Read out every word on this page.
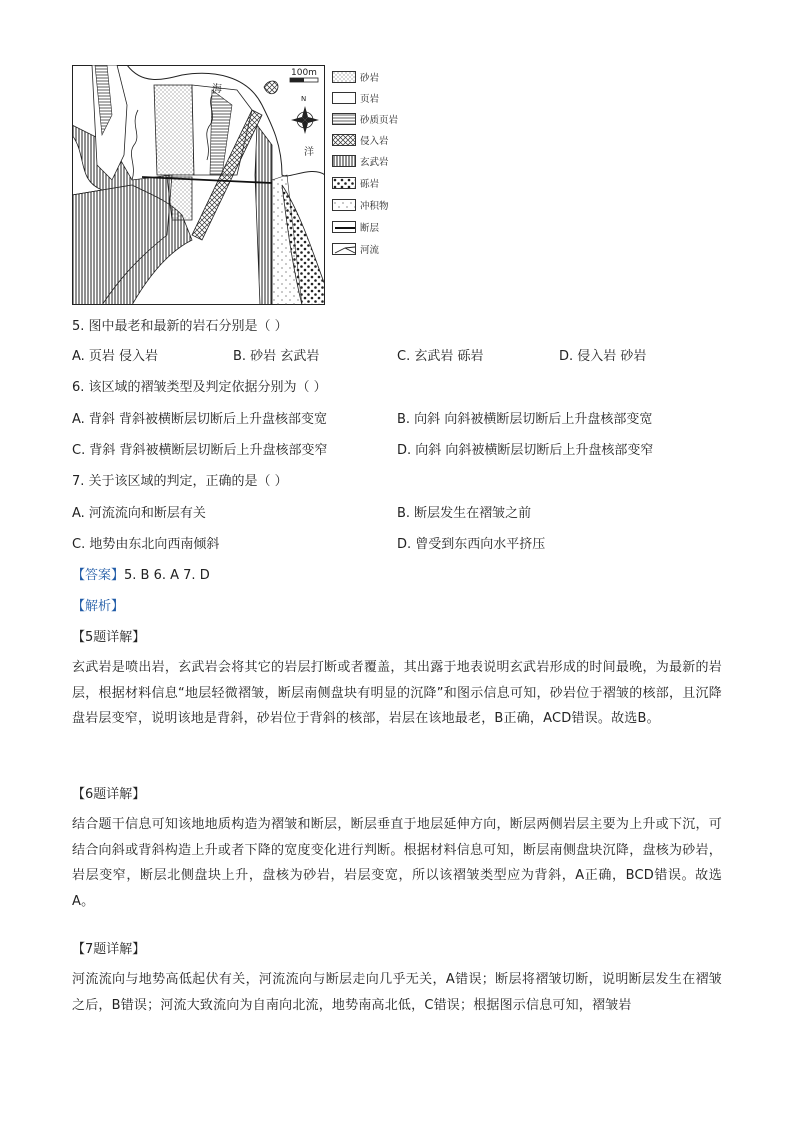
海
洋
N
100m	砂岩
页岩
砂质页岩
侵入岩
玄武岩
砾岩
冲积物
断层
河流
5. 图中最老和最新的岩石分别是（ ）
A. 页岩 侵入岩	B. 砂岩 玄武岩	C. 玄武岩 砾岩	D. 侵入岩 砂岩
6. 该区域的褶皱类型及判定依据分别为（ ）
A. 背斜 背斜被横断层切断后上升盘核部变宽	B. 向斜 向斜被横断层切断后上升盘核部变宽
C. 背斜 背斜被横断层切断后上升盘核部变窄	D. 向斜 向斜被横断层切断后上升盘核部变窄
7. 关于该区域的判定，正确的是（ ）
A. 河流流向和断层有关	B. 断层发生在褶皱之前
C. 地势由东北向西南倾斜	D. 曾受到东西向水平挤压
【答案】5. B 6. A 7. D
【解析】
【5题详解】
玄武岩是喷出岩，玄武岩会将其它的岩层打断或者覆盖，其出露于地表说明玄武岩形成的时间最晚，为最新的岩层，根据材料信息“地层轻微褶皱，断层南侧盘块有明显的沉降”和图示信息可知，砂岩位于褶皱的核部，且沉降盘岩层变窄，说明该地是背斜，砂岩位于背斜的核部，岩层在该地最老，B正确，ACD错误。故选B。
【6题详解】
结合题干信息可知该地地质构造为褶皱和断层，断层垂直于地层延伸方向，断层两侧岩层主要为上升或下沉，可结合向斜或背斜构造上升或者下降的宽度变化进行判断。根据材料信息可知，断层南侧盘块沉降，盘核为砂岩，岩层变窄，断层北侧盘块上升，盘核为砂岩，岩层变宽，所以该褶皱类型应为背斜，A正确，BCD错误。故选A。
【7题详解】
河流流向与地势高低起伏有关，河流流向与断层走向几乎无关，A错误；断层将褶皱切断，说明断层发生在褶皱之后，B错误；河流大致流向为自南向北流，地势南高北低，C错误；根据图示信息可知，褶皱岩
